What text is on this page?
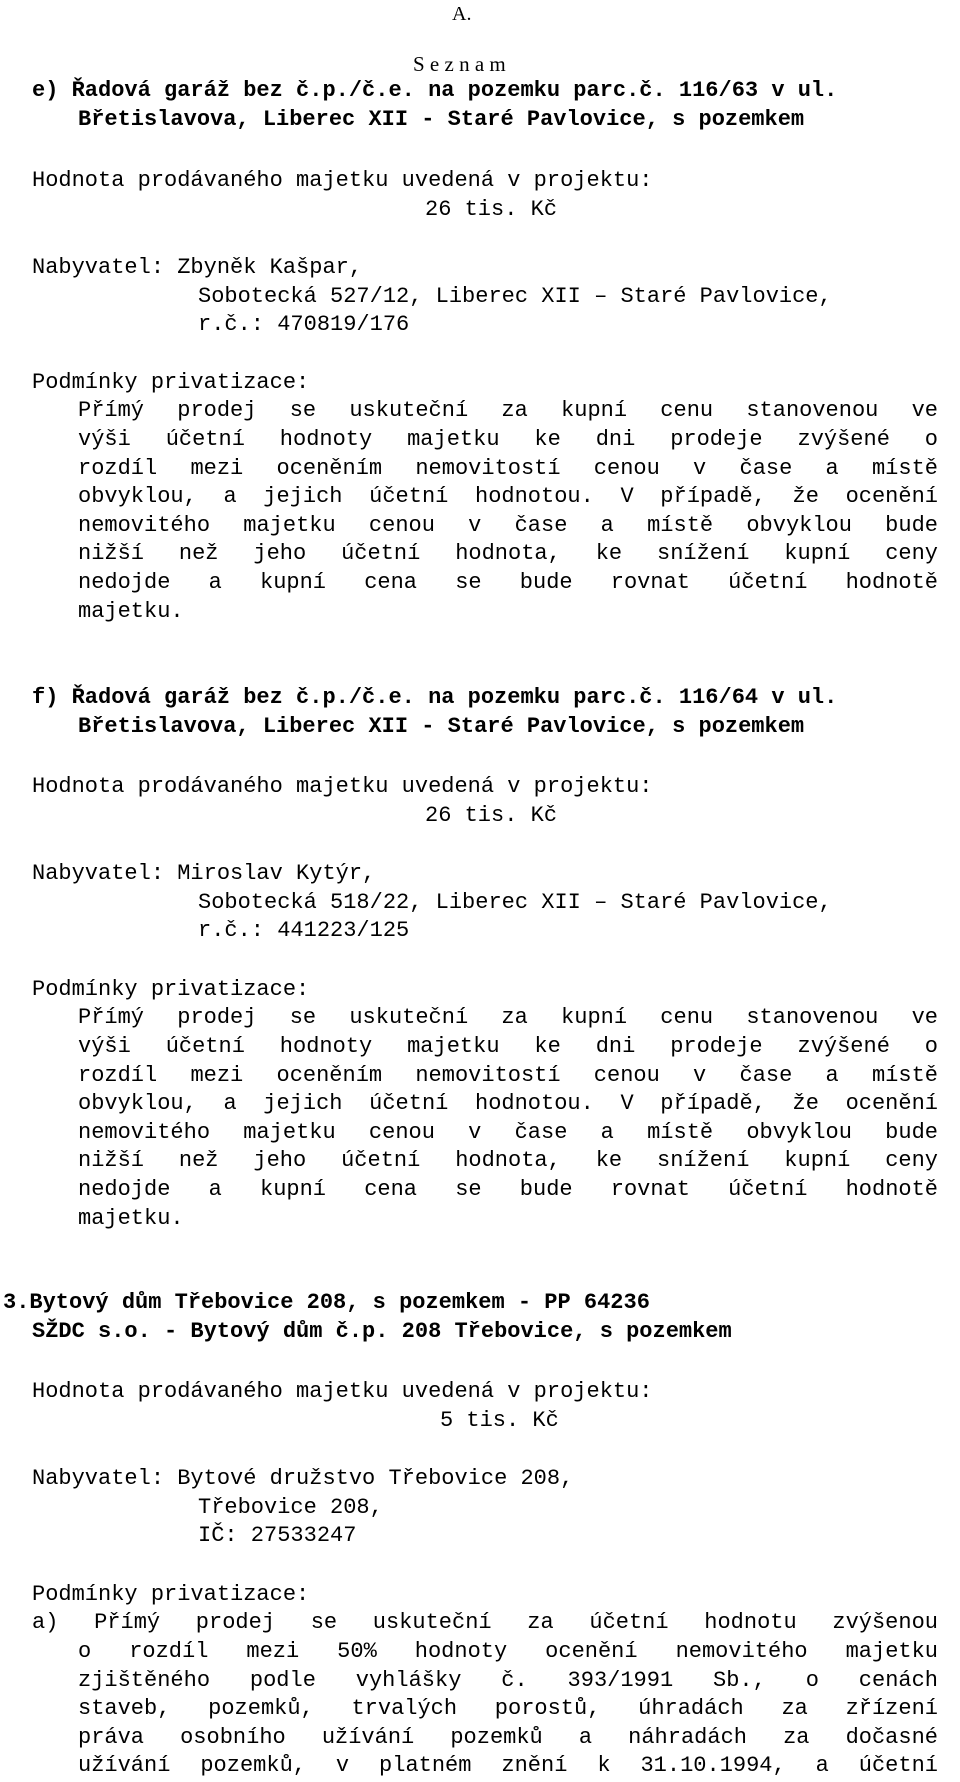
A.
S e z n a m
e) Řadová garáž bez č.p./č.e. na pozemku parc.č. 116/63 v ul.
Břetislavova, Liberec XII - Staré Pavlovice, s pozemkem
Hodnota prodávaného majetku uvedená v projektu:
26 tis. Kč
Nabyvatel: Zbyněk Kašpar,
Sobotecká 527/12, Liberec XII – Staré Pavlovice,
r.č.: 470819/176
Podmínky privatizace:
Přímý prodej se uskuteční za kupní cenu stanovenou ve
výši účetní hodnoty majetku ke dni prodeje zvýšené o
rozdíl mezi oceněním nemovitostí cenou v čase a místě
obvyklou, a jejich účetní hodnotou. V případě, že ocenění
nemovitého majetku cenou v čase a místě obvyklou bude
nižší než jeho účetní hodnota, ke snížení kupní ceny
nedojde a kupní cena se bude rovnat účetní hodnotě
majetku.
f) Řadová garáž bez č.p./č.e. na pozemku parc.č. 116/64 v ul.
Břetislavova, Liberec XII - Staré Pavlovice, s pozemkem
Hodnota prodávaného majetku uvedená v projektu:
26 tis. Kč
Nabyvatel: Miroslav Kytýr,
Sobotecká 518/22, Liberec XII – Staré Pavlovice,
r.č.: 441223/125
Podmínky privatizace:
Přímý prodej se uskuteční za kupní cenu stanovenou ve
výši účetní hodnoty majetku ke dni prodeje zvýšené o
rozdíl mezi oceněním nemovitostí cenou v čase a místě
obvyklou, a jejich účetní hodnotou. V případě, že ocenění
nemovitého majetku cenou v čase a místě obvyklou bude
nižší než jeho účetní hodnota, ke snížení kupní ceny
nedojde a kupní cena se bude rovnat účetní hodnotě
majetku.
3.Bytový dům Třebovice 208, s pozemkem - PP 64236
SŽDC s.o. - Bytový dům č.p. 208 Třebovice, s pozemkem
Hodnota prodávaného majetku uvedená v projektu:
5 tis. Kč
Nabyvatel: Bytové družstvo Třebovice 208,
Třebovice 208,
IČ: 27533247
Podmínky privatizace:
a) Přímý prodej se uskuteční za účetní hodnotu zvýšenou
o rozdíl mezi 50% hodnoty ocenění nemovitého majetku
zjištěného podle vyhlášky č. 393/1991 Sb., o cenách
staveb, pozemků, trvalých porostů, úhradách za zřízení
práva osobního užívání pozemků a náhradách za dočasné
užívání pozemků, v platném znění k 31.10.1994, a účetní
